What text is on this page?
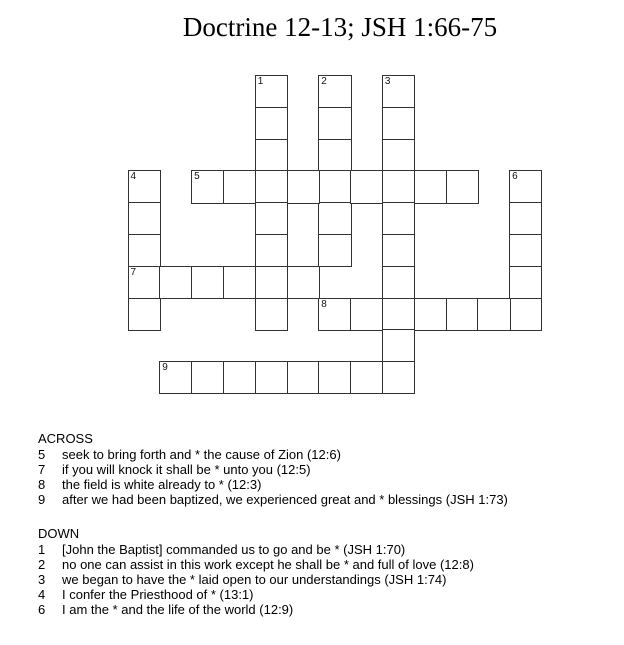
Doctrine 12-13; JSH 1:66-75
1	2	3
4
7
5	6
8
9
ACROSS
5	seek to bring forth and * the cause of Zion (12:6)
7	if you will knock it shall be * unto you (12:5)
8	the field is white already to * (12:3)
9	after we had been baptized, we experienced great and * blessings (JSH 1:73)
DOWN
1	[John the Baptist] commanded us to go and be * (JSH 1:70)
2	no one can assist in this work except he shall be * and full of love (12:8)
3	we began to have the * laid open to our understandings (JSH 1:74)
4	I confer the Priesthood of * (13:1)
6	I am the * and the life of the world (12:9)
